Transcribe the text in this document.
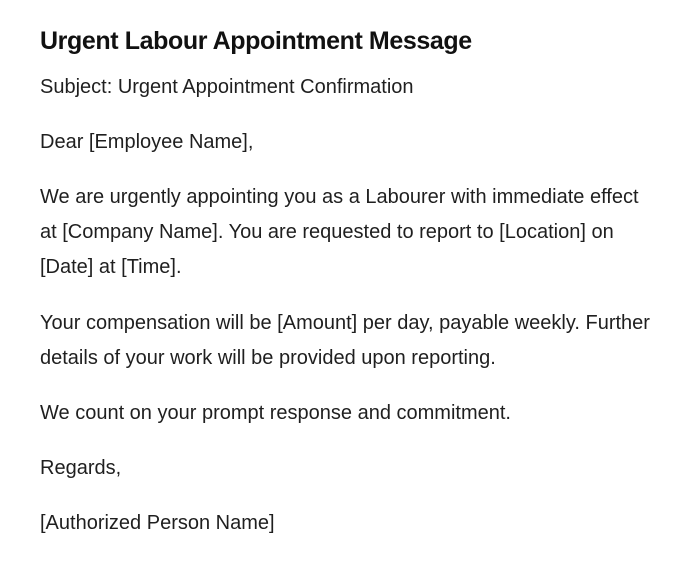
Urgent Labour Appointment Message

Subject: Urgent Appointment Confirmation

Dear [Employee Name],

We are urgently appointing you as a Labourer with immediate effect at [Company Name]. You are requested to report to [Location] on [Date] at [Time].

Your compensation will be [Amount] per day, payable weekly. Further details of your work will be provided upon reporting.

We count on your prompt response and commitment.

Regards,

[Authorized Person Name]
